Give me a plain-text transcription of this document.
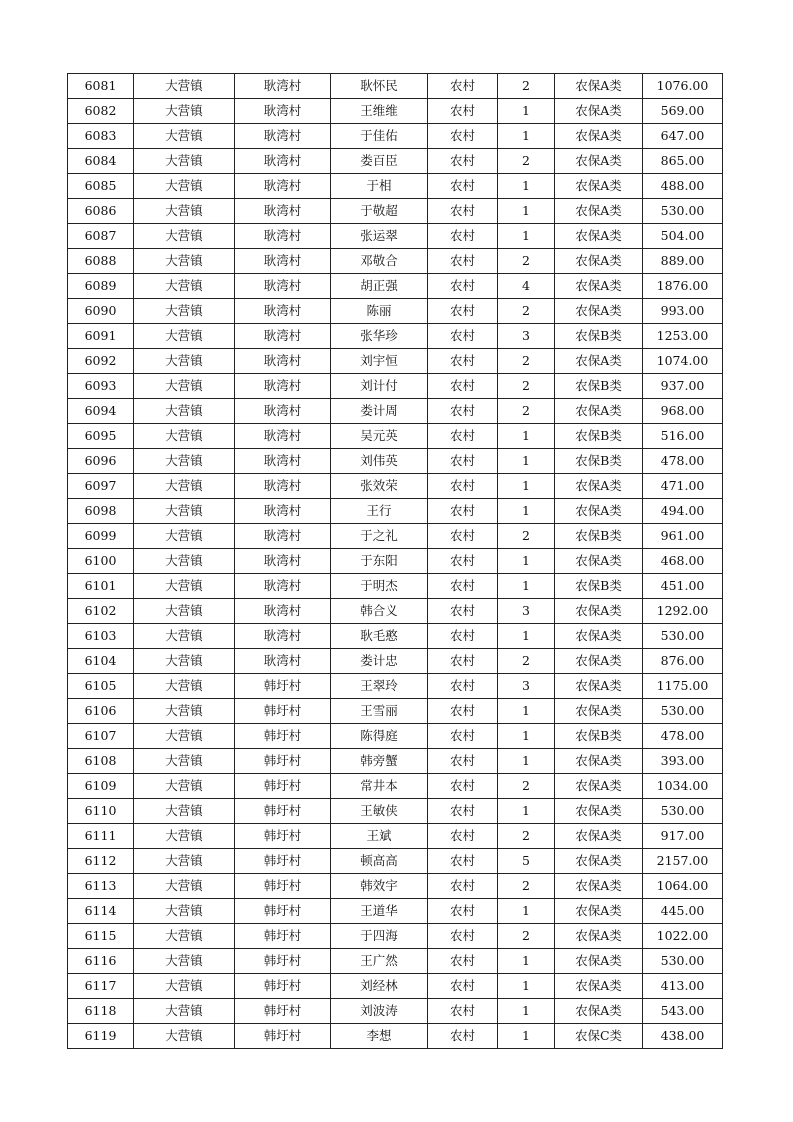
6081	大营镇	耿湾村	耿怀民	农村	2	农保A类	1076.00
6082	大营镇	耿湾村	王维维	农村	1	农保A类	569.00
6083	大营镇	耿湾村	于佳佑	农村	1	农保A类	647.00
6084	大营镇	耿湾村	娄百臣	农村	2	农保A类	865.00
6085	大营镇	耿湾村	于相	农村	1	农保A类	488.00
6086	大营镇	耿湾村	于敬超	农村	1	农保A类	530.00
6087	大营镇	耿湾村	张运翠	农村	1	农保A类	504.00
6088	大营镇	耿湾村	邓敬合	农村	2	农保A类	889.00
6089	大营镇	耿湾村	胡正强	农村	4	农保A类	1876.00
6090	大营镇	耿湾村	陈丽	农村	2	农保A类	993.00
6091	大营镇	耿湾村	张华珍	农村	3	农保B类	1253.00
6092	大营镇	耿湾村	刘宇恒	农村	2	农保A类	1074.00
6093	大营镇	耿湾村	刘计付	农村	2	农保B类	937.00
6094	大营镇	耿湾村	娄计周	农村	2	农保A类	968.00
6095	大营镇	耿湾村	吴元英	农村	1	农保B类	516.00
6096	大营镇	耿湾村	刘伟英	农村	1	农保B类	478.00
6097	大营镇	耿湾村	张效荣	农村	1	农保A类	471.00
6098	大营镇	耿湾村	王行	农村	1	农保A类	494.00
6099	大营镇	耿湾村	于之礼	农村	2	农保B类	961.00
6100	大营镇	耿湾村	于东阳	农村	1	农保A类	468.00
6101	大营镇	耿湾村	于明杰	农村	1	农保B类	451.00
6102	大营镇	耿湾村	韩合义	农村	3	农保A类	1292.00
6103	大营镇	耿湾村	耿毛憨	农村	1	农保A类	530.00
6104	大营镇	耿湾村	娄计忠	农村	2	农保A类	876.00
6105	大营镇	韩圩村	王翠玲	农村	3	农保A类	1175.00
6106	大营镇	韩圩村	王雪丽	农村	1	农保A类	530.00
6107	大营镇	韩圩村	陈得庭	农村	1	农保B类	478.00
6108	大营镇	韩圩村	韩旁蟹	农村	1	农保A类	393.00
6109	大营镇	韩圩村	常井本	农村	2	农保A类	1034.00
6110	大营镇	韩圩村	王敏侠	农村	1	农保A类	530.00
6111	大营镇	韩圩村	王斌	农村	2	农保A类	917.00
6112	大营镇	韩圩村	顿高高	农村	5	农保A类	2157.00
6113	大营镇	韩圩村	韩效宇	农村	2	农保A类	1064.00
6114	大营镇	韩圩村	王道华	农村	1	农保A类	445.00
6115	大营镇	韩圩村	于四海	农村	2	农保A类	1022.00
6116	大营镇	韩圩村	王广然	农村	1	农保A类	530.00
6117	大营镇	韩圩村	刘经林	农村	1	农保A类	413.00
6118	大营镇	韩圩村	刘波涛	农村	1	农保A类	543.00
6119	大营镇	韩圩村	李想	农村	1	农保C类	438.00
